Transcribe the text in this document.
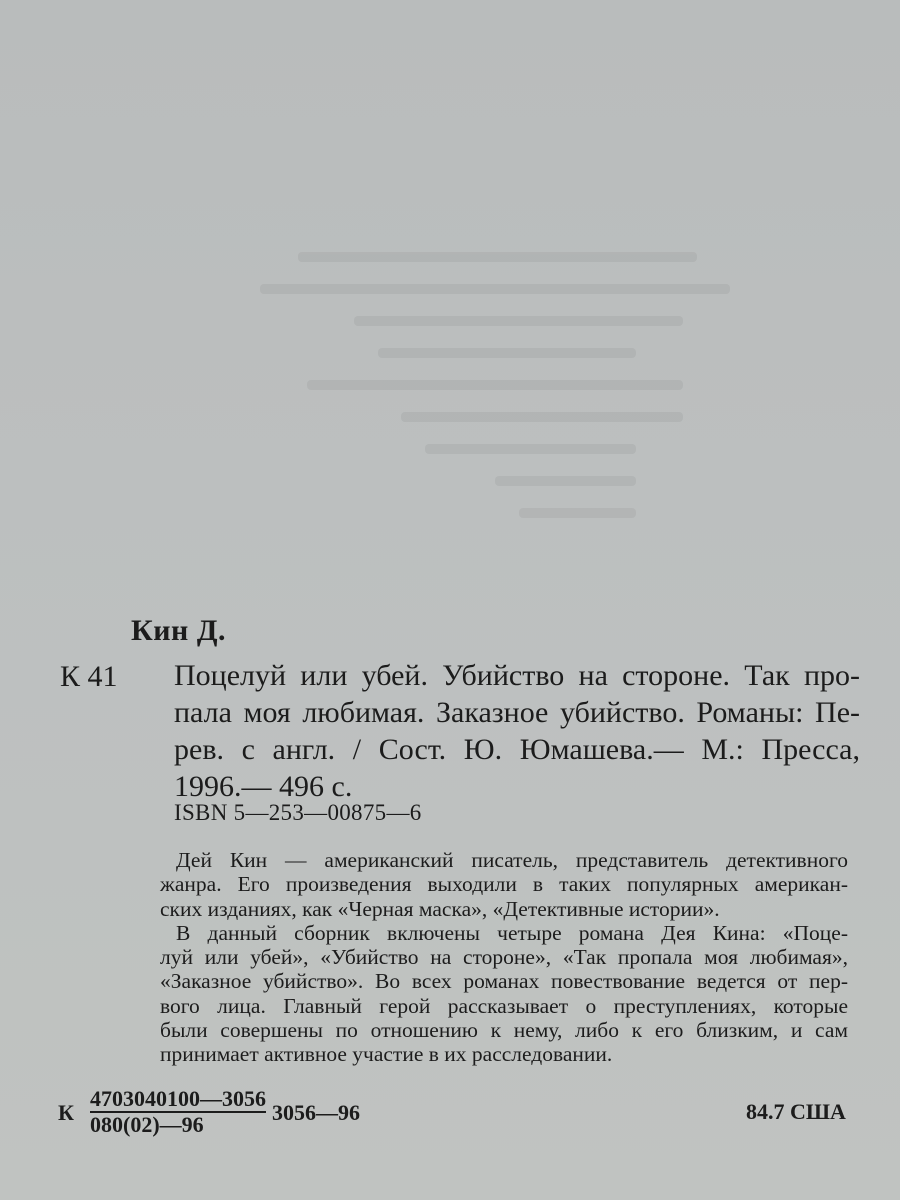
Кин Д.
К 41 Поцелуй или убей. Убийство на стороне. Так про-
пала моя любимая. Заказное убийство. Романы: Пе-
рев. с англ. / Сост. Ю. Юмашева.— М.: Пресса,
1996.— 496 с.
ISBN 5—253—00875—6
Дей Кин — американский писатель, представитель детективного
жанра. Его произведения выходили в таких популярных американ-
ских изданиях, как «Черная маска», «Детективные истории».
В данный сборник включены четыре романа Дея Кина: «Поце-
луй или убей», «Убийство на стороне», «Так пропала моя любимая»,
«Заказное убийство». Во всех романах повествование ведется от пер-
вого лица. Главный герой рассказывает о преступлениях, которые
были совершены по отношению к нему, либо к его близким, и сам
принимает активное участие в их расследовании.
К $\frac{4703040100—3056}{080(02)—96}$ 3056—96	84.7 США
